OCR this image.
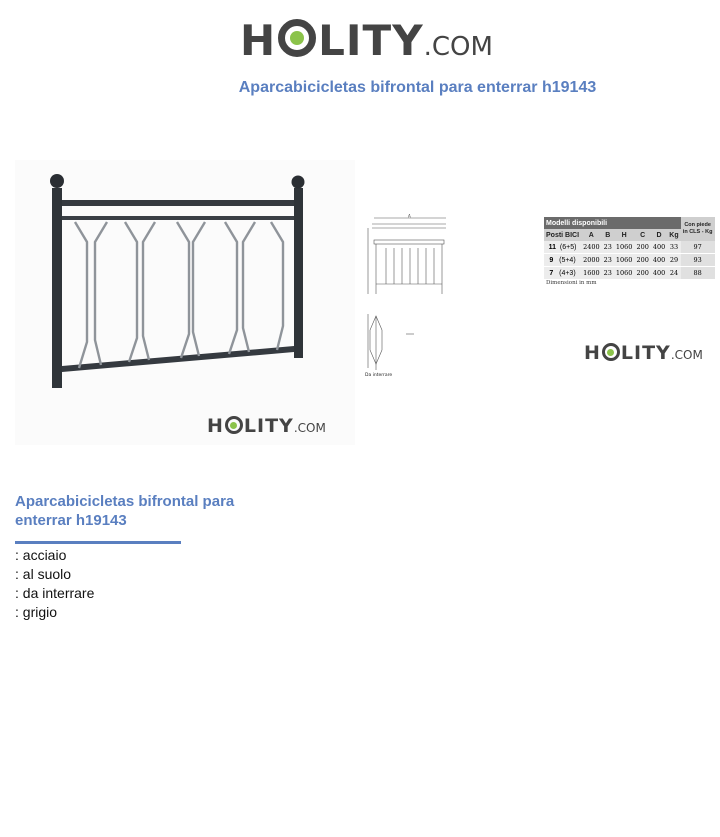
H LITY .COM
Aparcabicicletas bifrontal para enterrar h19143
H LITY .COM
A
Da interrare
Modelli disponibili							Con piede in CLS - Kg
Posti BICI	A	B	H	C	D	Kg	
11 (6+5)	2400	23	1060	200	400	33	97
9 (5+4)	2000	23	1060	200	400	29	93
7 (4+3)	1600	23	1060	200	400	24	88
Dimensioni in mm
H LITY .COM
Aparcabicicletas bifrontal para enterrar h19143
: acciaio
: al suolo
: da interrare
: grigio
